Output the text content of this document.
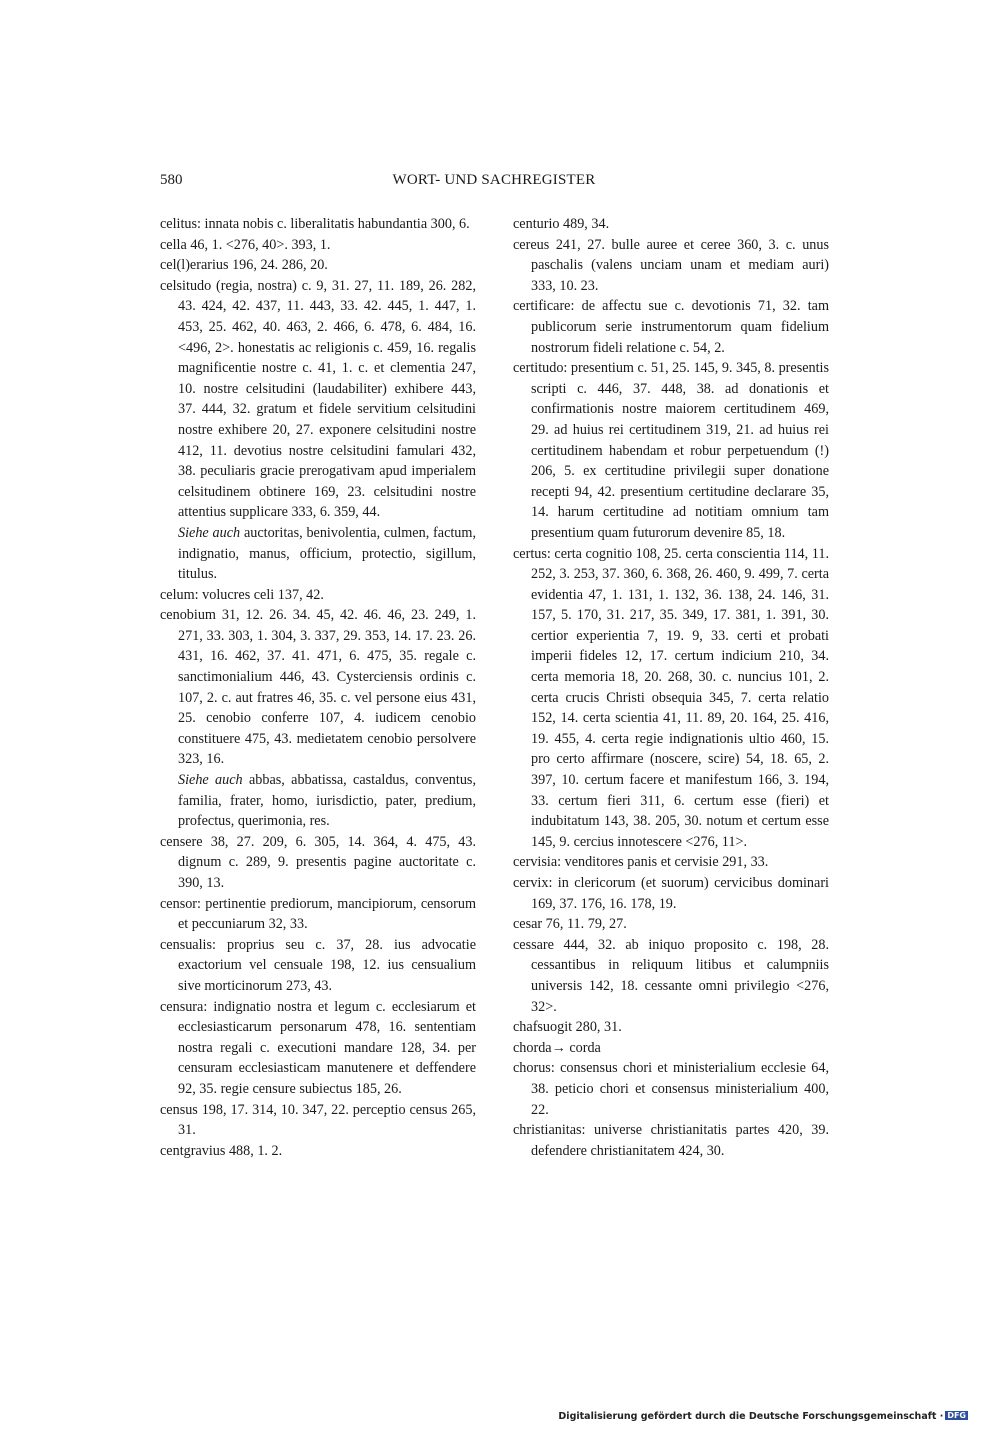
580	WORT- UND SACHREGISTER

celitus: innata nobis c. liberalitatis habundantia 300, 6.

cella 46, 1. <276, 40>. 393, 1.

cel(l)erarius 196, 24. 286, 20.

celsitudo (regia, nostra) c. 9, 31. 27, 11. 189, 26. 282, 43. 424, 42. 437, 11. 443, 33. 42. 445, 1. 447, 1. 453, 25. 462, 40. 463, 2. 466, 6. 478, 6. 484, 16. <496, 2>. honestatis ac religionis c. 459, 16. regalis magnificentie nostre c. 41, 1. c. et clementia 247, 10. nostre celsitudini (laudabiliter) exhibere 443, 37. 444, 32. gratum et fidele servitium celsitudini nostre exhibere 20, 27. exponere celsitudini nostre 412, 11. devotius nostre celsitudini famulari 432, 38. peculiaris gracie prerogativam apud imperialem celsitudinem obtinere 169, 23. celsitudini nostre attentius supplicare 333, 6. 359, 44.

Siehe auch auctoritas, benivolentia, culmen, factum, indignatio, manus, officium, protectio, sigillum, titulus.

celum: volucres celi 137, 42.

cenobium 31, 12. 26. 34. 45, 42. 46. 46, 23. 249, 1. 271, 33. 303, 1. 304, 3. 337, 29. 353, 14. 17. 23. 26. 431, 16. 462, 37. 41. 471, 6. 475, 35. regale c. sanctimonialium 446, 43. Cysterciensis ordinis c. 107, 2. c. aut fratres 46, 35. c. vel persone eius 431, 25. cenobio conferre 107, 4. iudicem cenobio constituere 475, 43. medietatem cenobio persolvere 323, 16.

Siehe auch abbas, abbatissa, castaldus, conventus, familia, frater, homo, iurisdictio, pater, predium, profectus, querimonia, res.

censere 38, 27. 209, 6. 305, 14. 364, 4. 475, 43. dignum c. 289, 9. presentis pagine auctoritate c. 390, 13.

censor: pertinentie prediorum, mancipiorum, censorum et peccuniarum 32, 33.

censualis: proprius seu c. 37, 28. ius advocatie exactorium vel censuale 198, 12. ius censualium sive morticinorum 273, 43.

censura: indignatio nostra et legum c. ecclesiarum et ecclesiasticarum personarum 478, 16. sententiam nostra regali c. executioni mandare 128, 34. per censuram ecclesiasticam manutenere et deffendere 92, 35. regie censure subiectus 185, 26.

census 198, 17. 314, 10. 347, 22. perceptio census 265, 31.

centgravius 488, 1. 2.

centurio 489, 34.

cereus 241, 27. bulle auree et ceree 360, 3. c. unus paschalis (valens unciam unam et mediam auri) 333, 10. 23.

certificare: de affectu sue c. devotionis 71, 32. tam publicorum serie instrumentorum quam fidelium nostrorum fideli relatione c. 54, 2.

certitudo: presentium c. 51, 25. 145, 9. 345, 8. presentis scripti c. 446, 37. 448, 38. ad donationis et confirmationis nostre maiorem certitudinem 469, 29. ad huius rei certitudinem 319, 21. ad huius rei certitudinem habendam et robur perpetuendum (!) 206, 5. ex certitudine privilegii super donatione recepti 94, 42. presentium certitudine declarare 35, 14. harum certitudine ad notitiam omnium tam presentium quam futurorum devenire 85, 18.

certus: certa cognitio 108, 25. certa conscientia 114, 11. 252, 3. 253, 37. 360, 6. 368, 26. 460, 9. 499, 7. certa evidentia 47, 1. 131, 1. 132, 36. 138, 24. 146, 31. 157, 5. 170, 31. 217, 35. 349, 17. 381, 1. 391, 30. certior experientia 7, 19. 9, 33. certi et probati imperii fideles 12, 17. certum indicium 210, 34. certa memoria 18, 20. 268, 30. c. nuncius 101, 2. certa crucis Christi obsequia 345, 7. certa relatio 152, 14. certa scientia 41, 11. 89, 20. 164, 25. 416, 19. 455, 4. certa regie indignationis ultio 460, 15. pro certo affirmare (noscere, scire) 54, 18. 65, 2. 397, 10. certum facere et manifestum 166, 3. 194, 33. certum fieri 311, 6. certum esse (fieri) et indubitatum 143, 38. 205, 30. notum et certum esse 145, 9. cercius innotescere <276, 11>.

cervisia: venditores panis et cervisie 291, 33.

cervix: in clericorum (et suorum) cervicibus dominari 169, 37. 176, 16. 178, 19.

cesar 76, 11. 79, 27.

cessare 444, 32. ab iniquo proposito c. 198, 28. cessantibus in reliquum litibus et calumpniis universis 142, 18. cessante omni privilegio <276, 32>.

chafsuogit 280, 31.

chorda→ corda

chorus: consensus chori et ministerialium ecclesie 64, 38. peticio chori et consensus ministerialium 400, 22.

christianitas: universe christianitatis partes 420, 39. defendere christianitatem 424, 30.

Digitalisierung gefördert durch die Deutsche Forschungsgemeinschaft · DFG
